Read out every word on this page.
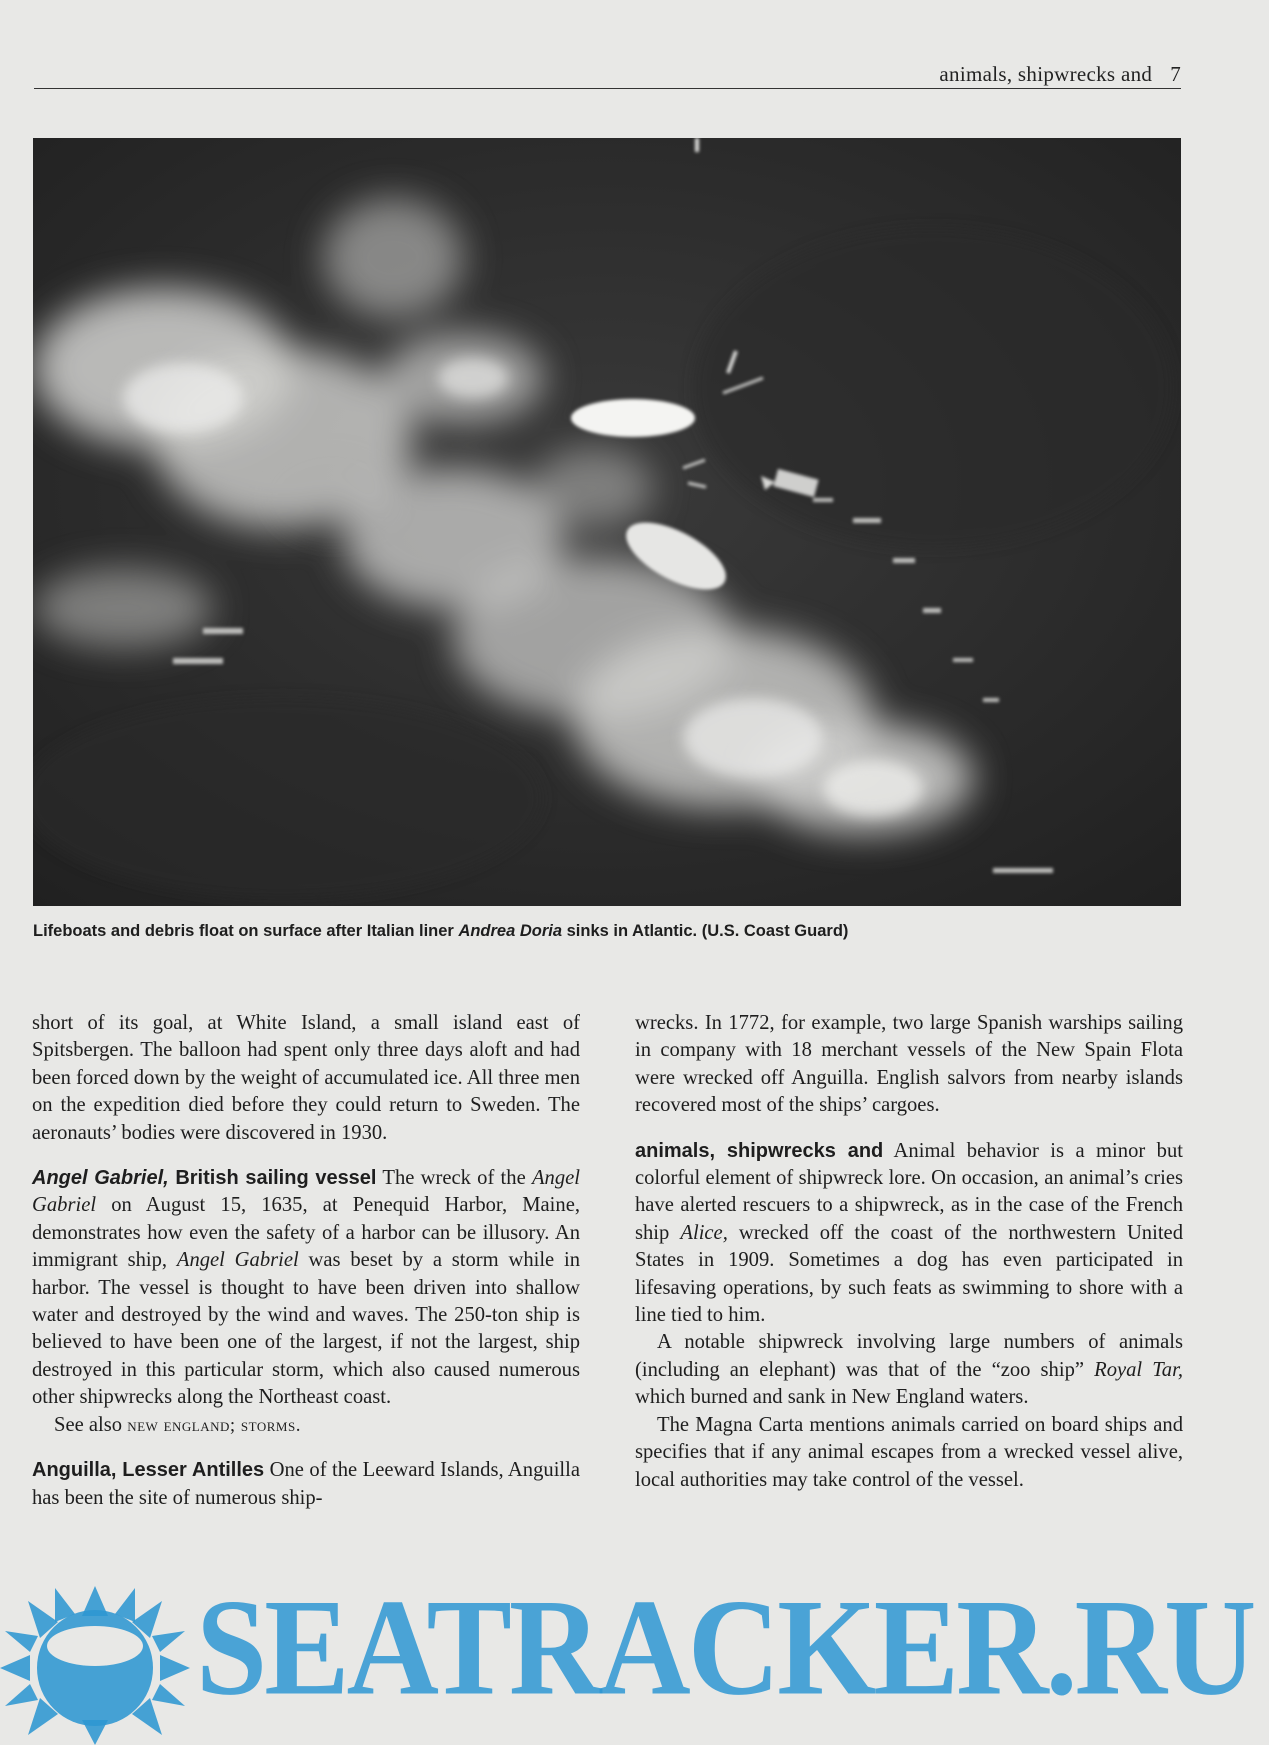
animals, shipwrecks and 7
Lifeboats and debris float on surface after Italian liner Andrea Doria sinks in Atlantic. (U.S. Coast Guard)

short of its goal, at White Island, a small island east of Spitsbergen. The balloon had spent only three days aloft and had been forced down by the weight of accumulated ice. All three men on the expedition died before they could return to Sweden. The aeronauts’ bodies were discovered in 1930.

Angel Gabriel, British sailing vessel The wreck of the Angel Gabriel on August 15, 1635, at Penequid Harbor, Maine, demonstrates how even the safety of a harbor can be illusory. An immigrant ship, Angel Gabriel was beset by a storm while in harbor. The vessel is thought to have been driven into shallow water and destroyed by the wind and waves. The 250-ton ship is believed to have been one of the largest, if not the largest, ship destroyed in this particular storm, which also caused numerous other shipwrecks along the Northeast coast.

See also new england; storms.

Anguilla, Lesser Antilles One of the Leeward Islands, Anguilla has been the site of numerous ship-

wrecks. In 1772, for example, two large Spanish warships sailing in company with 18 merchant vessels of the New Spain Flota were wrecked off Anguilla. English salvors from nearby islands recovered most of the ships’ cargoes.

animals, shipwrecks and Animal behavior is a minor but colorful element of shipwreck lore. On occasion, an animal’s cries have alerted rescuers to a shipwreck, as in the case of the French ship Alice, wrecked off the coast of the northwestern United States in 1909. Sometimes a dog has even participated in lifesaving operations, by such feats as swimming to shore with a line tied to him.

A notable shipwreck involving large numbers of animals (including an elephant) was that of the “zoo ship” Royal Tar, which burned and sank in New England waters.

The Magna Carta mentions animals carried on board ships and specifies that if any animal escapes from a wrecked vessel alive, local authorities may take control of the vessel.

SEATRACKER.RU
